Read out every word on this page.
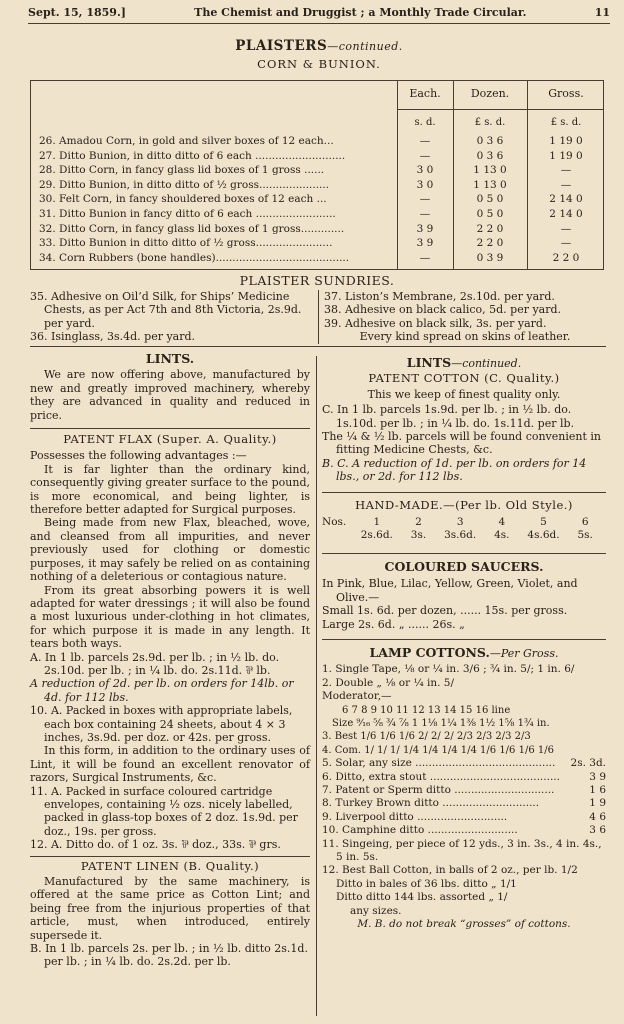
Sept. 15, 1859.]	The Chemist and Druggist ; a Monthly Trade Circular.	11
PLAISTERS—continued.
CORN & BUNION.
Each.	Dozen.	Gross.
s. d.	£ s. d.	£ s. d.
26. Amadou Corn, in gold and silver boxes of 12 each...	—	0 3 6	1 19 0
27. Ditto Bunion, in ditto ditto of 6 each ...........................	—	0 3 6	1 19 0
28. Ditto Corn, in fancy glass lid boxes of 1 gross ......	3 0	1 13 0	—
29. Ditto Bunion, in ditto ditto of ½ gross.....................	3 0	1 13 0	—
30. Felt Corn, in fancy shouldered boxes of 12 each ...	—	0 5 0	2 14 0
31. Ditto Bunion in fancy ditto of 6 each ........................	—	0 5 0	2 14 0
32. Ditto Corn, in fancy glass lid boxes of 1 gross.............	3 9	2 2 0	—
33. Ditto Bunion in ditto ditto of ½ gross.......................	3 9	2 2 0	—
34. Corn Rubbers (bone handles)........................................	—	0 3 9	2 2 0
PLAISTER SUNDRIES.

35. Adhesive on Oil’d Silk, for Ships’ Medicine Chests, as per Act 7th and 8th Victoria, 2s.9d. per yard.

36. Isinglass, 3s.4d. per yard.

37. Liston’s Membrane, 2s.10d. per yard.

38. Adhesive on black calico, 5d. per yard.

39. Adhesive on black silk, 3s. per yard.

Every kind spread on skins of leather.

LINTS.

We are now offering above, manufactured by new and greatly improved machinery, whereby they are advanced in quality and reduced in price.

PATENT FLAX (Super. A. Quality.)

Possesses the following advantages :—

It is far lighter than the ordinary kind, consequently giving greater surface to the pound, is more economical, and being lighter, is therefore better adapted for Surgical purposes.

Being made from new Flax, bleached, wove, and cleansed from all impurities, and never previously used for clothing or domestic purposes, it may safely be relied on as containing nothing of a deleterious or contagious nature.

From its great absorbing powers it is well adapted for water dressings ; it will also be found a most luxurious under-clothing in hot climates, for which purpose it is made in any length. It tears both ways.

A. In 1 lb. parcels 2s.9d. per lb. ; in ½ lb. do. 2s.10d. per lb. ; in ¼ lb. do. 2s.11d. ⅌ lb.

A reduction of 2d. per lb. on orders for 14lb. or 4d. for 112 lbs.

10. A. Packed in boxes with appropriate labels, each box containing 24 sheets, about 4 × 3 inches, 3s.9d. per doz. or 42s. per gross.

In this form, in addition to the ordinary uses of Lint, it will be found an excellent renovator of razors, Surgical Instruments, &c.

11. A. Packed in surface coloured cartridge envelopes, containing ½ ozs. nicely labelled, packed in glass-top boxes of 2 doz. 1s.9d. per doz., 19s. per gross.

12. A. Ditto do. of 1 oz. 3s. ⅌ doz., 33s. ⅌ grs.

PATENT LINEN (B. Quality.)

Manufactured by the same machinery, is offered at the same price as Cotton Lint; and being free from the injurious properties of that article, must, when introduced, entirely supersede it.

B. In 1 lb. parcels 2s. per lb. ; in ½ lb. ditto 2s.1d. per lb. ; in ¼ lb. do. 2s.2d. per lb.

LINTS—continued.

PATENT COTTON (C. Quality.)

This we keep of finest quality only.

C. In 1 lb. parcels 1s.9d. per lb. ; in ½ lb. do. 1s.10d. per lb. ; in ¼ lb. do. 1s.11d. per lb.

The ¼ & ½ lb. parcels will be found convenient in fitting Medicine Chests, &c.

B. C. A reduction of 1d. per lb. on orders for 14 lbs., or 2d. for 112 lbs.

HAND-MADE.—(Per lb. Old Style.)

Nos.	1	2	3	4	5	6
2s.6d.	3s.	3s.6d.	4s.	4s.6d.	5s.

COLOURED SAUCERS.

In Pink, Blue, Lilac, Yellow, Green, Violet, and Olive.—

Small 1s. 6d. per dozen, ...... 15s. per gross.

Large 2s. 6d. „ ...... 26s. „

LAMP COTTONS.—Per Gross.

1. Single Tape, ⅛ or ¼ in. 3/6 ; ¾ in. 5/; 1 in. 6/

2. Double „ ⅛ or ¼ in. 5/

Moderator,—

6 7 8 9 10 11 12 13 14 15 16 line

Size ⁹⁄₁₆ ⁵⁄₈ ¾ ⁷⁄₈ 1 1⅛ 1¼ 1⅜ 1½ 1⅝ 1¾ in.

3. Best 1/6 1/6 1/6 2/ 2/ 2/ 2/3 2/3 2/3 2/3

4. Com. 1/ 1/ 1/ 1/4 1/4 1/4 1/4 1/6 1/6 1/6 1/6

5. Solar, any size ..........................................	2s. 3d.
6. Ditto, extra stout .......................................	3 9
7. Patent or Sperm ditto ..............................	1 6
8. Turkey Brown ditto .............................	1 9
9. Liverpool ditto ...........................	4 6
10. Camphine ditto ...........................	3 6

11. Singeing, per piece of 12 yds., 3 in. 3s., 4 in. 4s., 5 in. 5s.

12. Best Ball Cotton, in balls of 2 oz., per lb. 1/2

Ditto in bales of 36 lbs. ditto „ 1/1

Ditto ditto 144 lbs. assorted „ 1/

any sizes.

M. B. do not break “grosses” of cottons.
